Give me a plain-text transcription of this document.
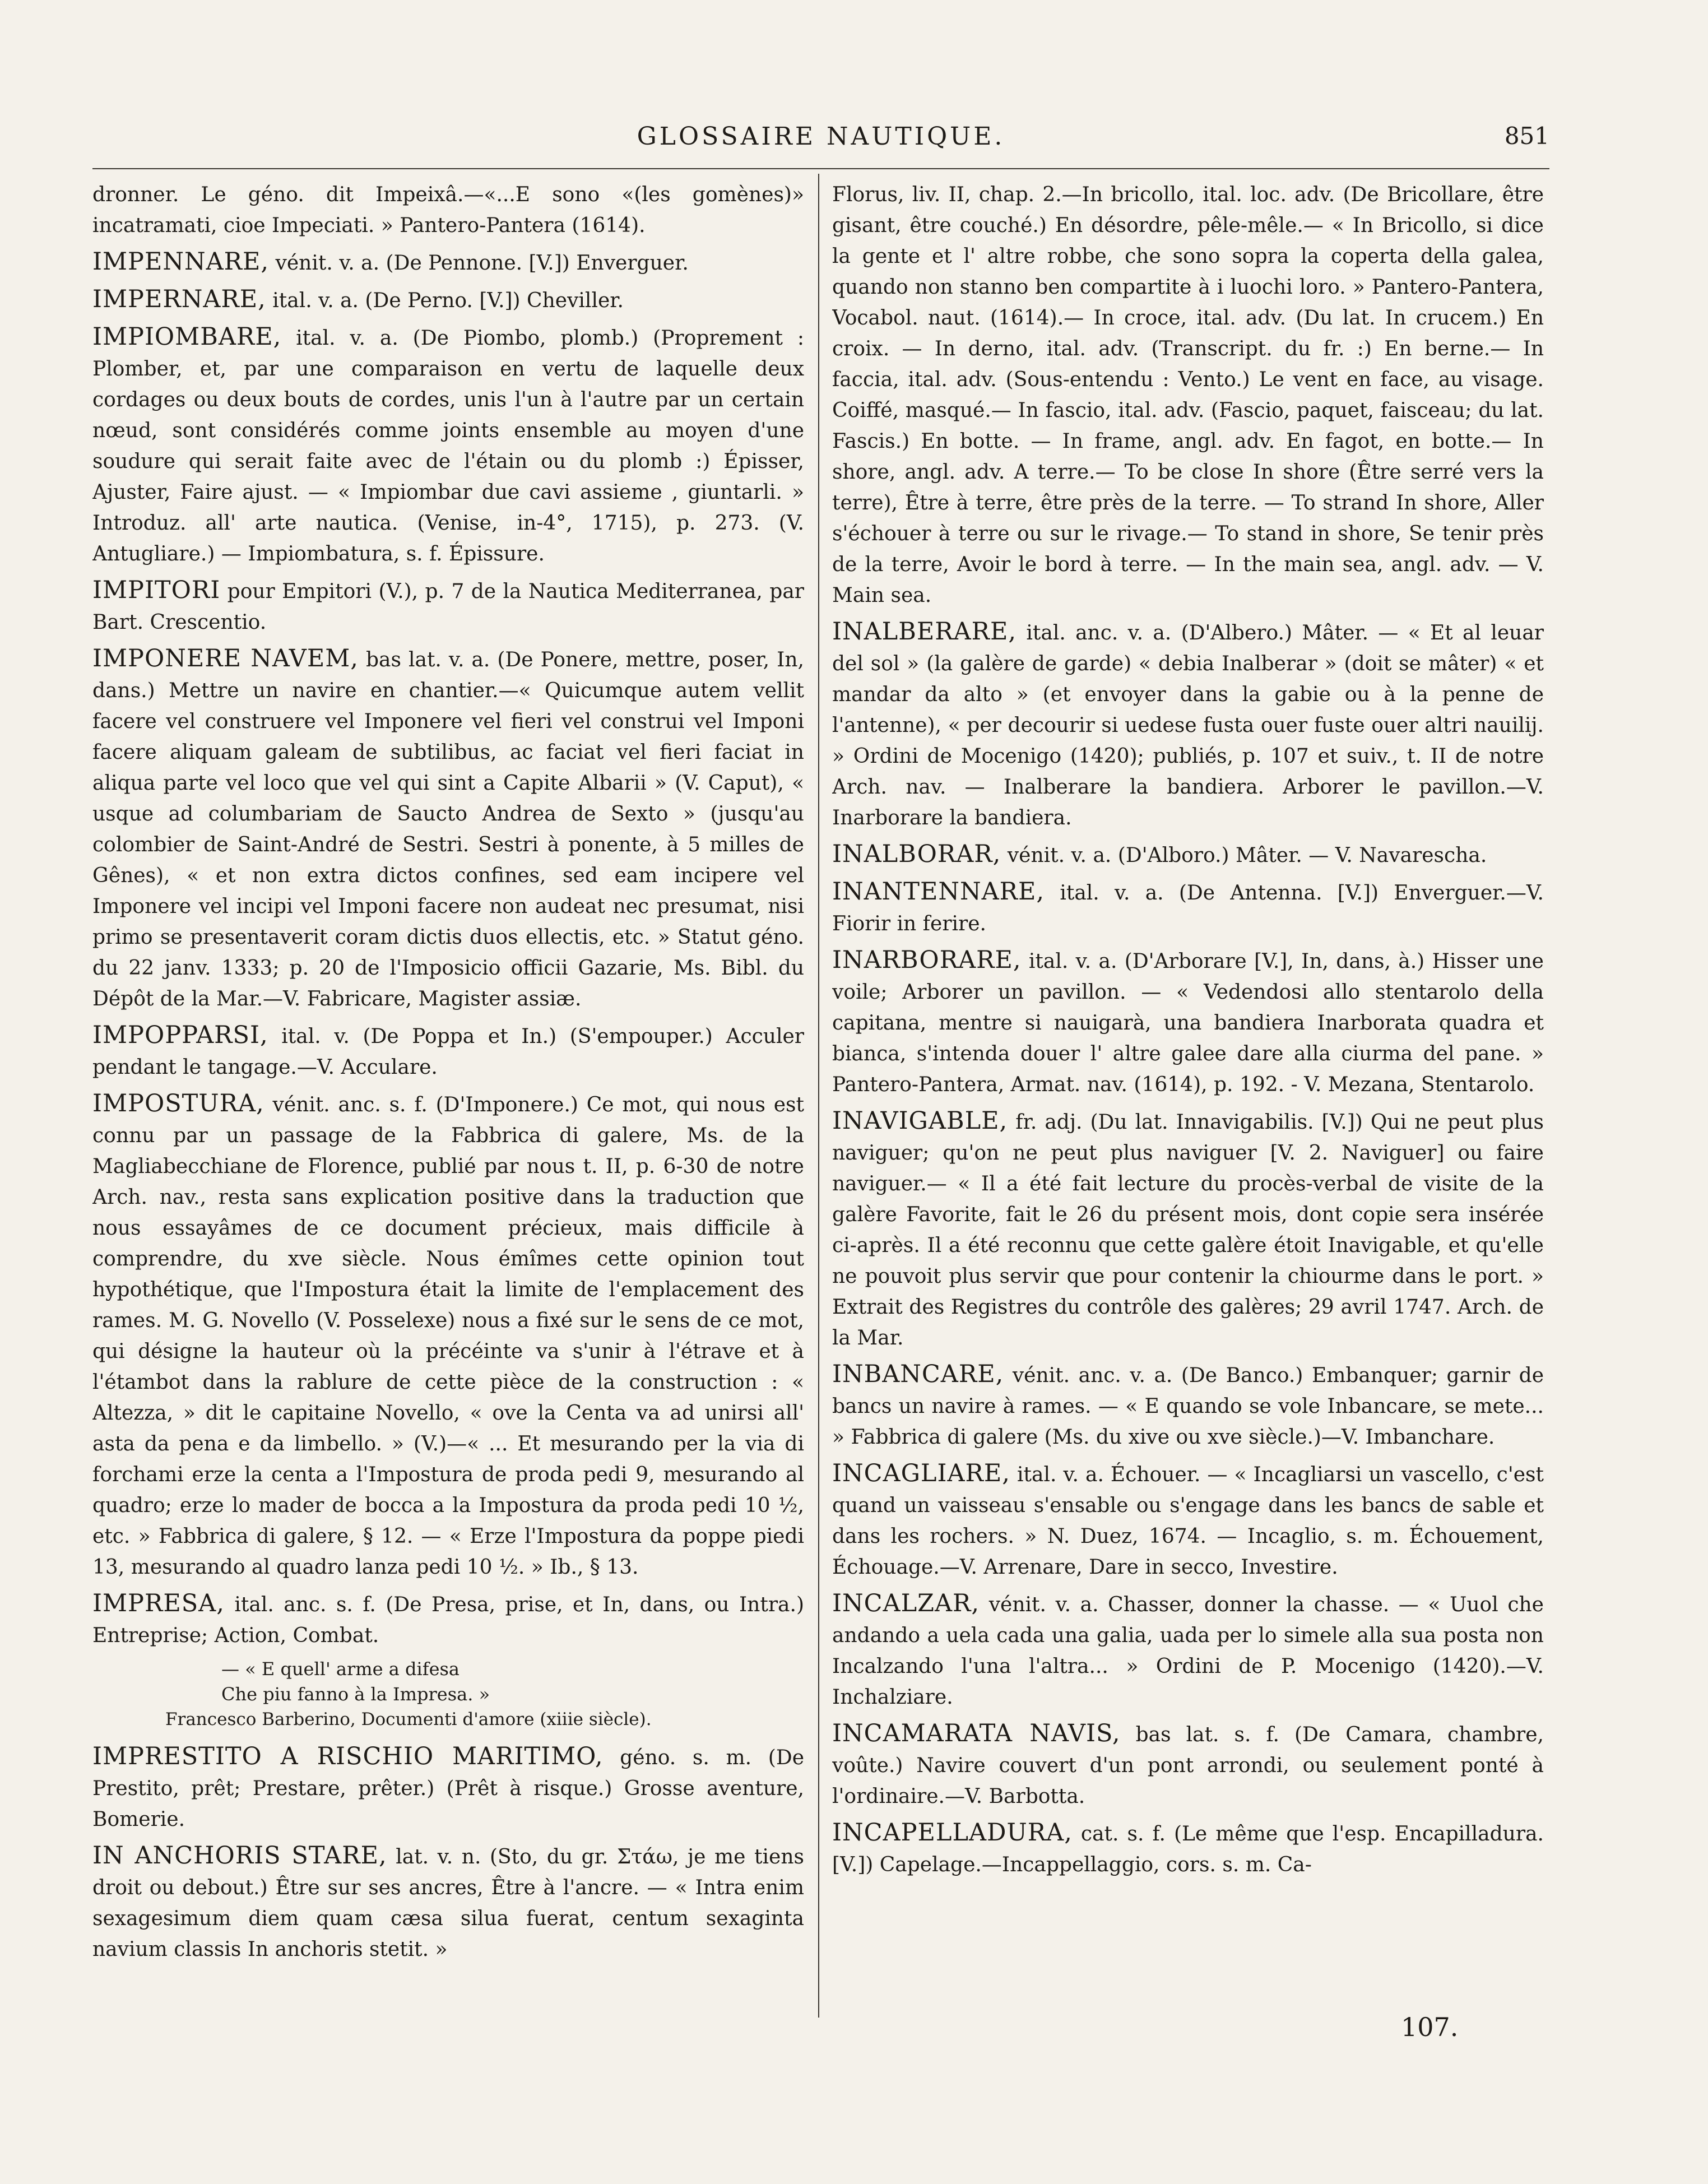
GLOSSAIRE NAUTIQUE.	851

dronner. Le géno. dit Impeixâ.—«...E sono «(les gomènes)» incatramati, cioe Impeciati. » Pantero-Pantera (1614).

IMPENNARE, vénit. v. a. (De Pennone. [V.]) Enverguer.

IMPERNARE, ital. v. a. (De Perno. [V.]) Cheviller.

IMPIOMBARE, ital. v. a. (De Piombo, plomb.) (Proprement : Plomber, et, par une comparaison en vertu de laquelle deux cordages ou deux bouts de cordes, unis l'un à l'autre par un certain nœud, sont considérés comme joints ensemble au moyen d'une soudure qui serait faite avec de l'étain ou du plomb :) Épisser, Ajuster, Faire ajust. — « Impiombar due cavi assieme , giuntarli. » Introduz. all' arte nautica. (Venise, in-4°, 1715), p. 273. (V. Antugliare.) — Impiombatura, s. f. Épissure.

IMPITORI pour Empitori (V.), p. 7 de la Nautica Mediterranea, par Bart. Crescentio.

IMPONERE NAVEM, bas lat. v. a. (De Ponere, mettre, poser, In, dans.) Mettre un navire en chantier.—« Quicumque autem vellit facere vel construere vel Imponere vel fieri vel construi vel Imponi facere aliquam galeam de subtilibus, ac faciat vel fieri faciat in aliqua parte vel loco que vel qui sint a Capite Albarii » (V. Caput), « usque ad columbariam de Saucto Andrea de Sexto » (jusqu'au colombier de Saint-André de Sestri. Sestri à ponente, à 5 milles de Gênes), « et non extra dictos confines, sed eam incipere vel Imponere vel incipi vel Imponi facere non audeat nec presumat, nisi primo se presentaverit coram dictis duos ellectis, etc. » Statut géno. du 22 janv. 1333; p. 20 de l'Imposicio officii Gazarie, Ms. Bibl. du Dépôt de la Mar.—V. Fabricare, Magister assiæ.

IMPOPPARSI, ital. v. (De Poppa et In.) (S'empouper.) Acculer pendant le tangage.—V. Acculare.

IMPOSTURA, vénit. anc. s. f. (D'Imponere.) Ce mot, qui nous est connu par un passage de la Fabbrica di galere, Ms. de la Magliabecchiane de Florence, publié par nous t. II, p. 6-30 de notre Arch. nav., resta sans explication positive dans la traduction que nous essayâmes de ce document précieux, mais difficile à comprendre, du xve siècle. Nous émîmes cette opinion tout hypothétique, que l'Impostura était la limite de l'emplacement des rames. M. G. Novello (V. Posselexe) nous a fixé sur le sens de ce mot, qui désigne la hauteur où la précéinte va s'unir à l'étrave et à l'étambot dans la rablure de cette pièce de la construction : « Altezza, » dit le capitaine Novello, « ove la Centa va ad unirsi all' asta da pena e da limbello. » (V.)—« ... Et mesurando per la via di forchami erze la centa a l'Impostura de proda pedi 9, mesurando al quadro; erze lo mader de bocca a la Impostura da proda pedi 10 ½, etc. » Fabbrica di galere, § 12. — « Erze l'Impostura da poppe piedi 13, mesurando al quadro lanza pedi 10 ½. » Ib., § 13.

IMPRESA, ital. anc. s. f. (De Presa, prise, et In, dans, ou Intra.) Entreprise; Action, Combat.

— « E quell' arme a difesa
Che piu fanno à la Impresa. »
Francesco Barberino, Documenti d'amore (xiiie siècle).

IMPRESTITO A RISCHIO MARITIMO, géno. s. m. (De Prestito, prêt; Prestare, prêter.) (Prêt à risque.) Grosse aventure, Bomerie.

IN ANCHORIS STARE, lat. v. n. (Sto, du gr. Στάω, je me tiens droit ou debout.) Être sur ses ancres, Être à l'ancre. — « Intra enim sexagesimum diem quam cæsa silua fuerat, centum sexaginta navium classis In anchoris stetit. »

Florus, liv. II, chap. 2.—In bricollo, ital. loc. adv. (De Bricollare, être gisant, être couché.) En désordre, pêle-mêle.— « In Bricollo, si dice la gente et l' altre robbe, che sono sopra la coperta della galea, quando non stanno ben compartite à i luochi loro. » Pantero-Pantera, Vocabol. naut. (1614).— In croce, ital. adv. (Du lat. In crucem.) En croix. — In derno, ital. adv. (Transcript. du fr. :) En berne.— In faccia, ital. adv. (Sous-entendu : Vento.) Le vent en face, au visage. Coiffé, masqué.— In fascio, ital. adv. (Fascio, paquet, faisceau; du lat. Fascis.) En botte. — In frame, angl. adv. En fagot, en botte.— In shore, angl. adv. A terre.— To be close In shore (Être serré vers la terre), Être à terre, être près de la terre. — To strand In shore, Aller s'échouer à terre ou sur le rivage.— To stand in shore, Se tenir près de la terre, Avoir le bord à terre. — In the main sea, angl. adv. — V. Main sea.

INALBERARE, ital. anc. v. a. (D'Albero.) Mâter. — « Et al leuar del sol » (la galère de garde) « debia Inalberar » (doit se mâter) « et mandar da alto » (et envoyer dans la gabie ou à la penne de l'antenne), « per decourir si uedese fusta ouer fuste ouer altri nauilij. » Ordini de Mocenigo (1420); publiés, p. 107 et suiv., t. II de notre Arch. nav. — Inalberare la bandiera. Arborer le pavillon.—V. Inarborare la bandiera.

INALBORAR, vénit. v. a. (D'Alboro.) Mâter. — V. Navarescha.

INANTENNARE, ital. v. a. (De Antenna. [V.]) Enverguer.—V. Fiorir in ferire.

INARBORARE, ital. v. a. (D'Arborare [V.], In, dans, à.) Hisser une voile; Arborer un pavillon. — « Vedendosi allo stentarolo della capitana, mentre si nauigarà, una bandiera Inarborata quadra et bianca, s'intenda douer l' altre galee dare alla ciurma del pane. » Pantero-Pantera, Armat. nav. (1614), p. 192. - V. Mezana, Stentarolo.

INAVIGABLE, fr. adj. (Du lat. Innavigabilis. [V.]) Qui ne peut plus naviguer; qu'on ne peut plus naviguer [V. 2. Naviguer] ou faire naviguer.— « Il a été fait lecture du procès-verbal de visite de la galère Favorite, fait le 26 du présent mois, dont copie sera insérée ci-après. Il a été reconnu que cette galère étoit Inavigable, et qu'elle ne pouvoit plus servir que pour contenir la chiourme dans le port. » Extrait des Registres du contrôle des galères; 29 avril 1747. Arch. de la Mar.

INBANCARE, vénit. anc. v. a. (De Banco.) Embanquer; garnir de bancs un navire à rames. — « E quando se vole Inbancare, se mete... » Fabbrica di galere (Ms. du xive ou xve siècle.)—V. Imbanchare.

INCAGLIARE, ital. v. a. Échouer. — « Incagliarsi un vascello, c'est quand un vaisseau s'ensable ou s'engage dans les bancs de sable et dans les rochers. » N. Duez, 1674. — Incaglio, s. m. Échouement, Échouage.—V. Arrenare, Dare in secco, Investire.

INCALZAR, vénit. v. a. Chasser, donner la chasse. — « Uuol che andando a uela cada una galia, uada per lo simele alla sua posta non Incalzando l'una l'altra... » Ordini de P. Mocenigo (1420).—V. Inchalziare.

INCAMARATA NAVIS, bas lat. s. f. (De Camara, chambre, voûte.) Navire couvert d'un pont arrondi, ou seulement ponté à l'ordinaire.—V. Barbotta.

INCAPELLADURA, cat. s. f. (Le même que l'esp. Encapilladura. [V.]) Capelage.—Incappellaggio, cors. s. m. Ca-

107.
